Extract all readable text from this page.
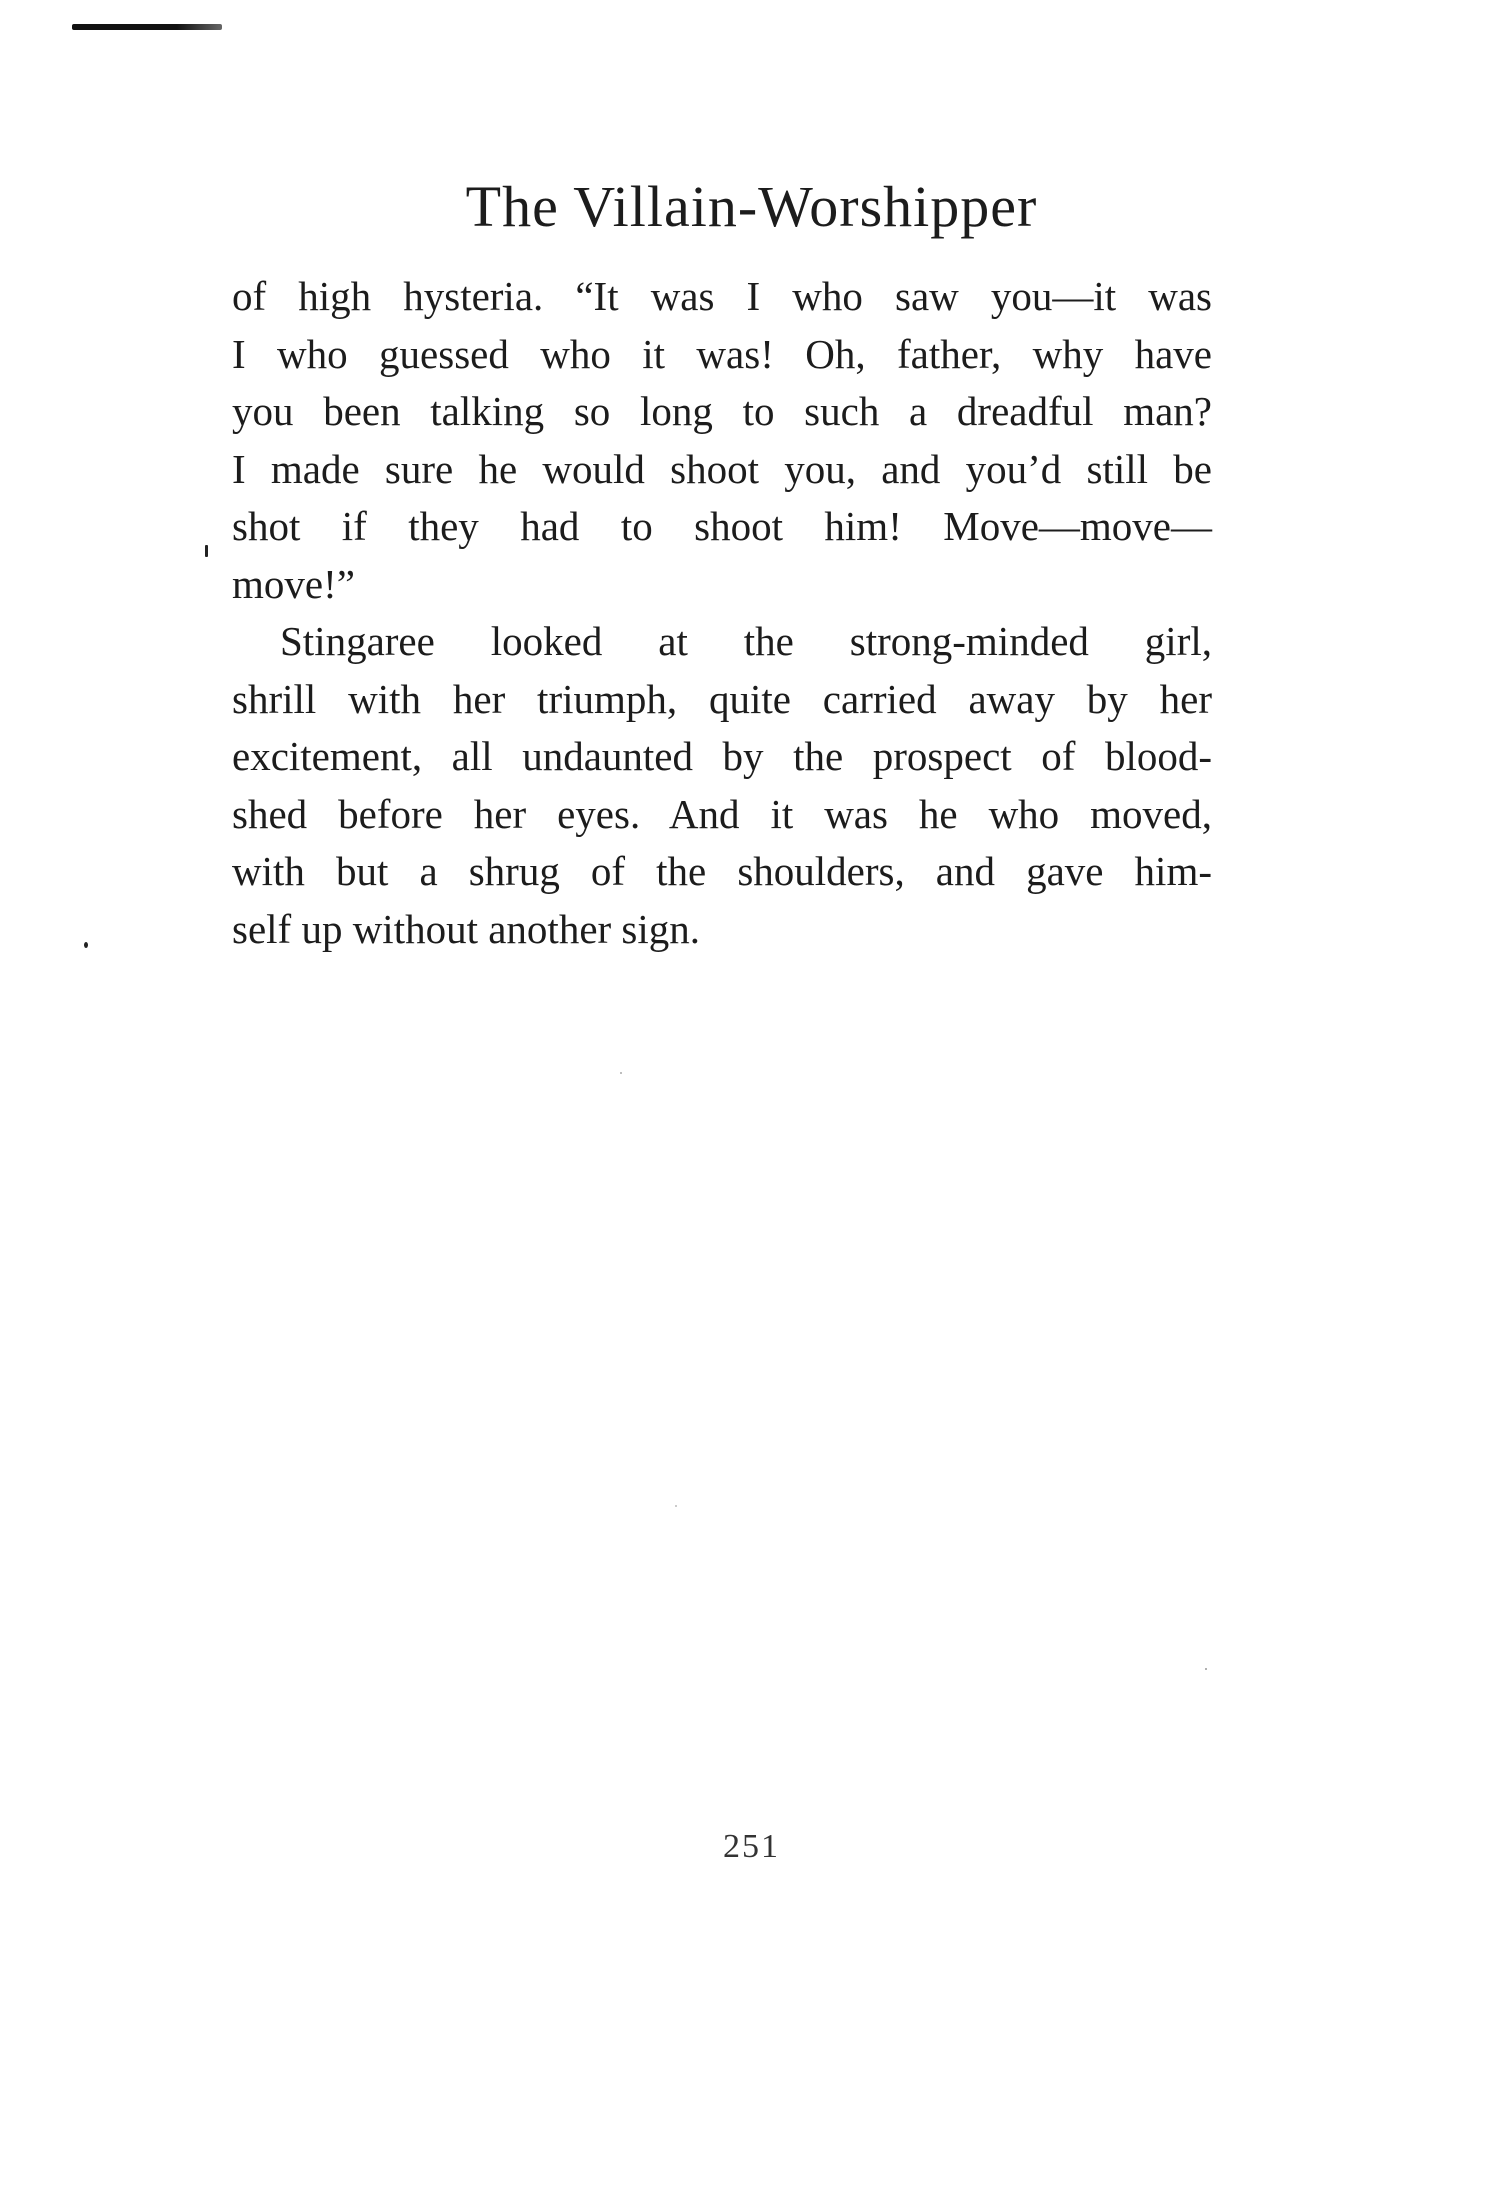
The Villain-Worshipper
of high hysteria. “It was I who saw you—it was
I who guessed who it was! Oh, father, why have
you been talking so long to such a dreadful man?
I made sure he would shoot you, and you’d still be
shot if they had to shoot him! Move—move—
move!”
Stingaree looked at the strong-minded girl,
shrill with her triumph, quite carried away by her
excitement, all undaunted by the prospect of blood-
shed before her eyes. And it was he who moved,
with but a shrug of the shoulders, and gave him-
self up without another sign.
251
